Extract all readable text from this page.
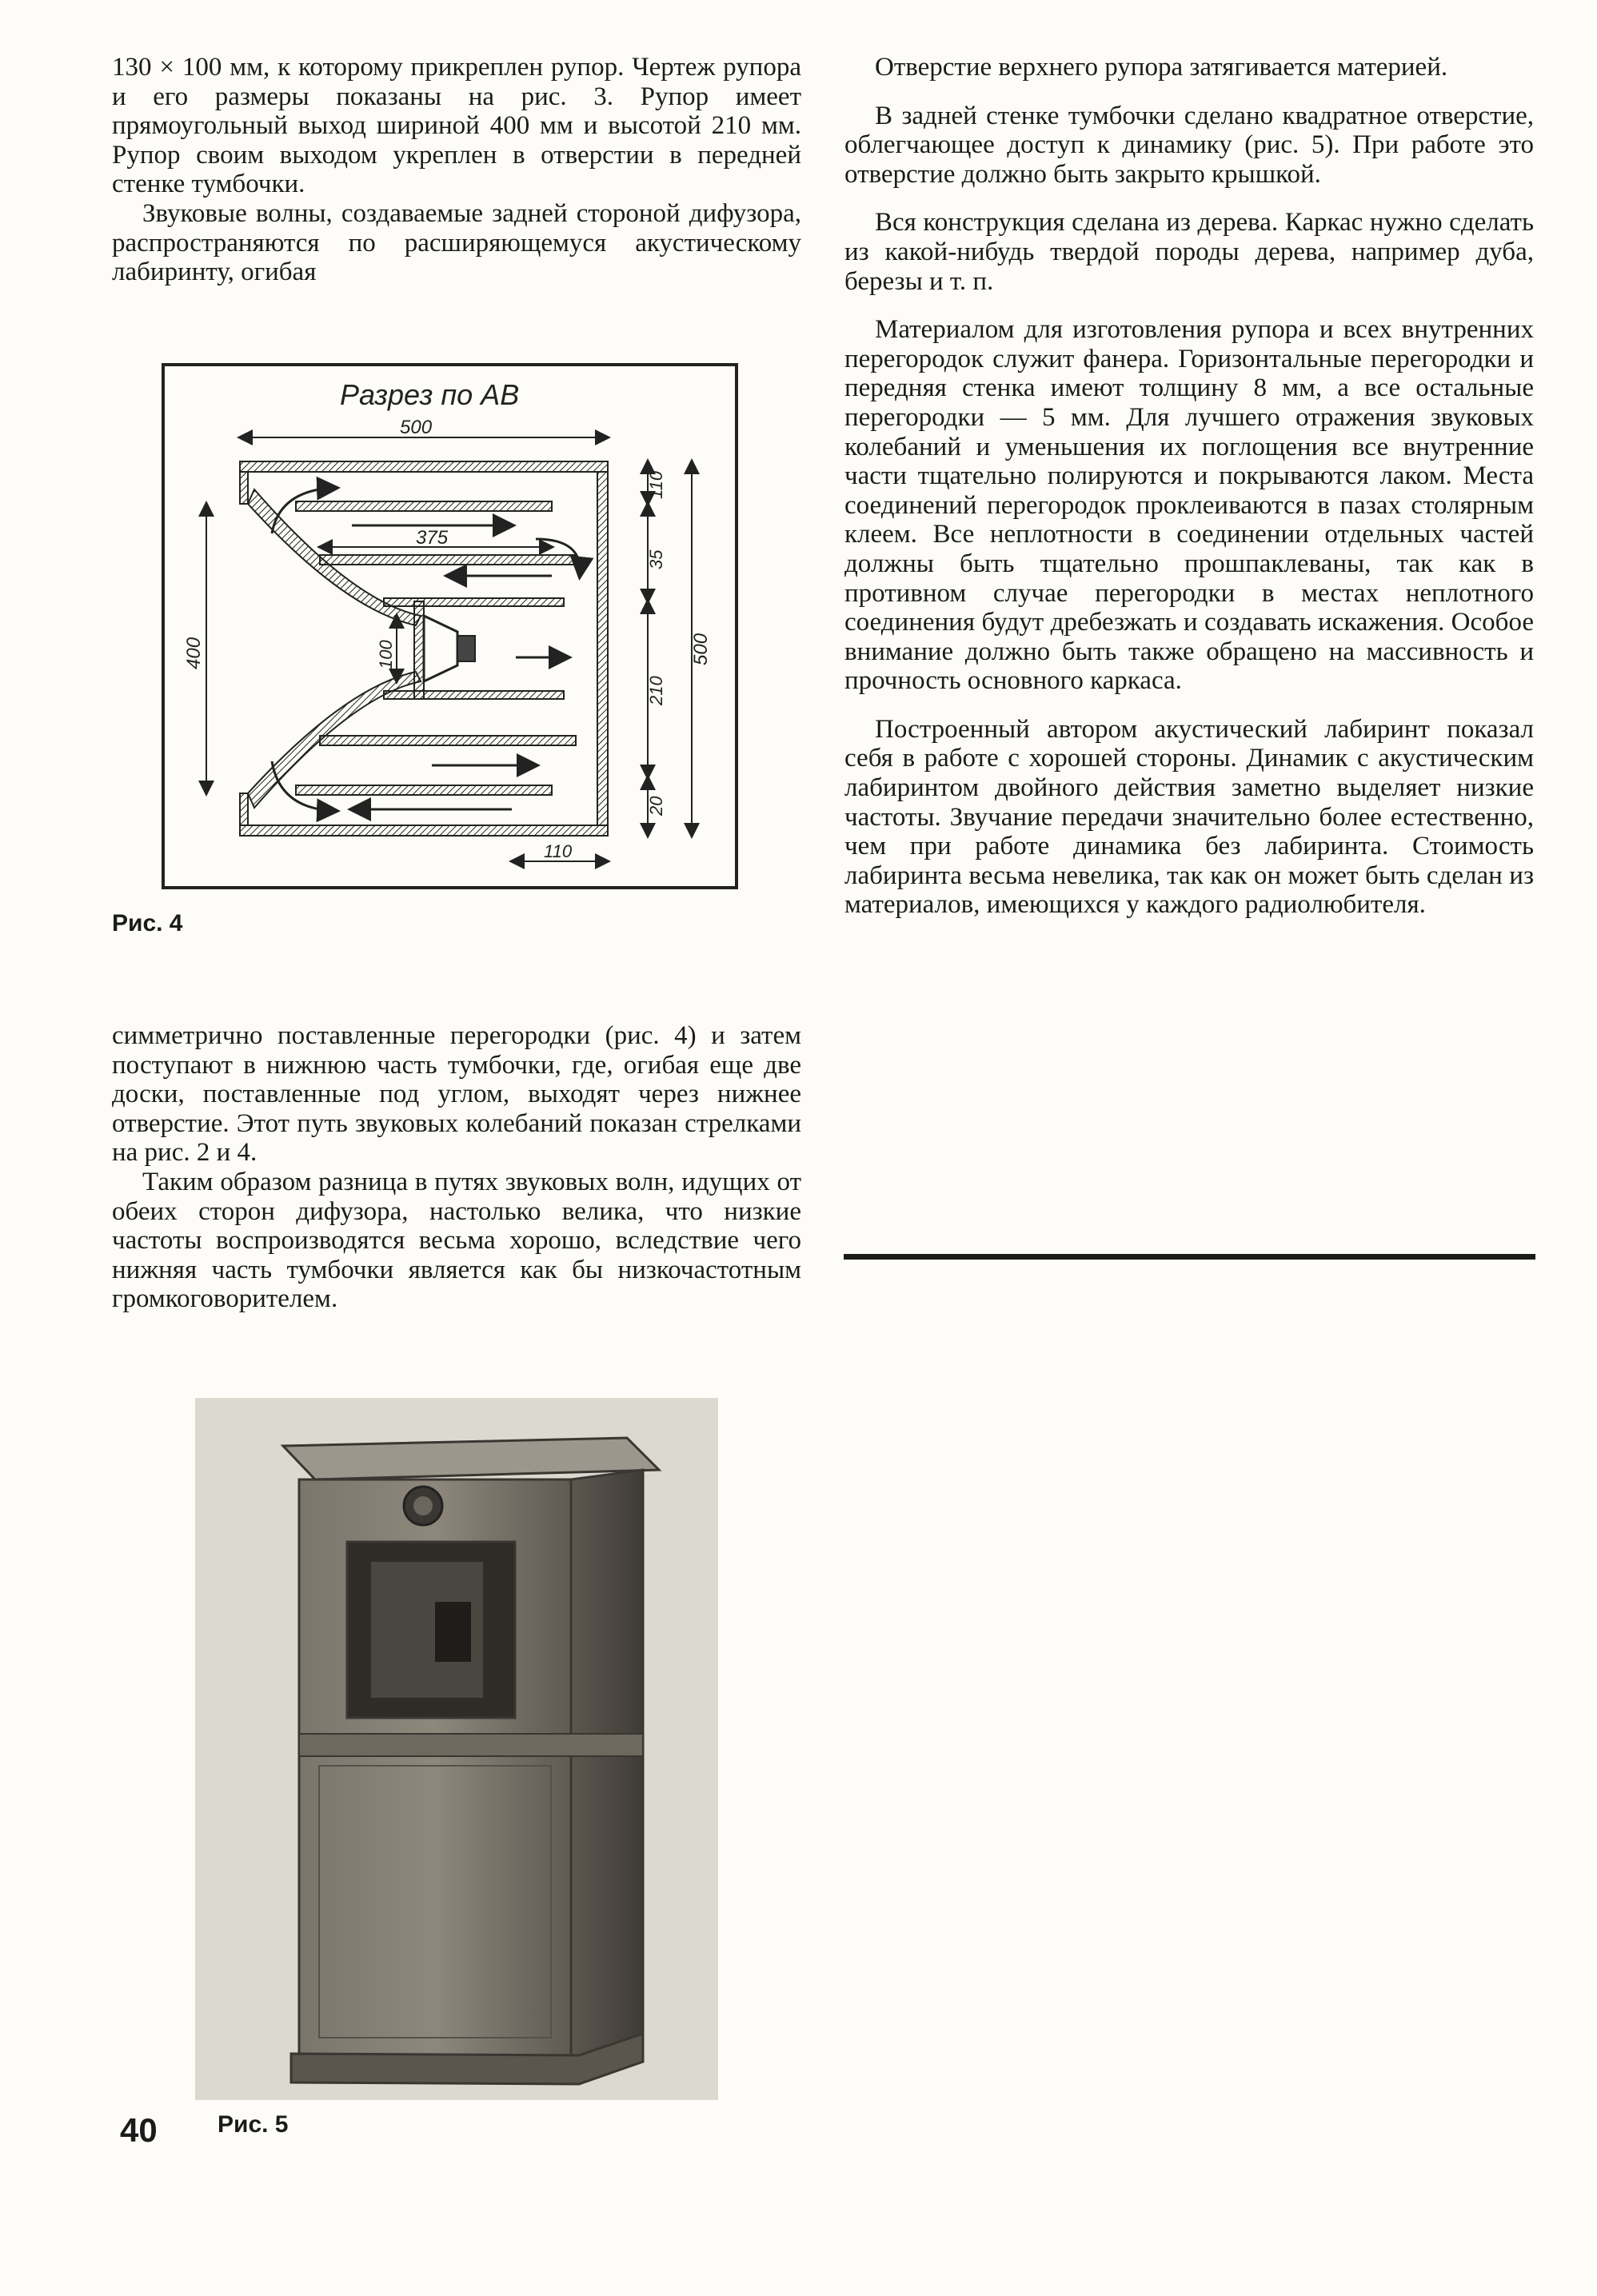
130 × 100 мм, к которому прикреплен рупор. Чертеж рупора и его размеры показаны на рис. 3. Рупор имеет прямоугольный выход шириной 400 мм и высотой 210 мм. Рупор своим выходом укреплен в отверстии в передней стенке тумбочки.

Звуковые волны, создаваемые задней стороной дифузора, распространяются по расширяющемуся акустическому лабиринту, огибая

Разрез по АВ
500
375
400	100
110
35
210
20
500
110
Рис. 4

симметрично поставленные перегородки (рис. 4) и затем поступают в нижнюю часть тумбочки, где, огибая еще две доски, поставленные под углом, выходят через нижнее отверстие. Этот путь звуковых колебаний показан стрелками на рис. 2 и 4.

Таким образом разница в путях звуковых волн, идущих от обеих сторон дифузора, настолько велика, что низкие частоты воспроизводятся весьма хорошо, вследствие чего нижняя часть тумбочки является как бы низкочастотным громкоговорителем.

Отверстие верхнего рупора затягивается материей.

В задней стенке тумбочки сделано квадратное отверстие, облегчающее доступ к динамику (рис. 5). При работе это отверстие должно быть закрыто крышкой.

Вся конструкция сделана из дерева. Каркас нужно сделать из какой-нибудь твердой породы дерева, например дуба, березы и т. п.

Материалом для изготовления рупора и всех внутренних перегородок служит фанера. Горизонтальные перегородки и передняя стенка имеют толщину 8 мм, а все остальные перегородки — 5 мм. Для лучшего отражения звуковых колебаний и уменьшения их поглощения все внутренние части тщательно полируются и покрываются лаком. Места соединений перегородок проклеиваются в пазах столярным клеем. Все неплотности в соединении отдельных частей должны быть тщательно прошпаклеваны, так как в противном случае перегородки в местах неплотного соединения будут дребезжать и создавать искажения. Особое внимание должно быть также обращено на массивность и прочность основного каркаса.

Построенный автором акустический лабиринт показал себя в работе с хорошей стороны. Динамик с акустическим лабиринтом двойного действия заметно выделяет низкие частоты. Звучание передачи значительно более естественно, чем при работе динамика без лабиринта. Стоимость лабиринта весьма невелика, так как он может быть сделан из материалов, имеющихся у каждого радиолюбителя.

Рис. 5
40
